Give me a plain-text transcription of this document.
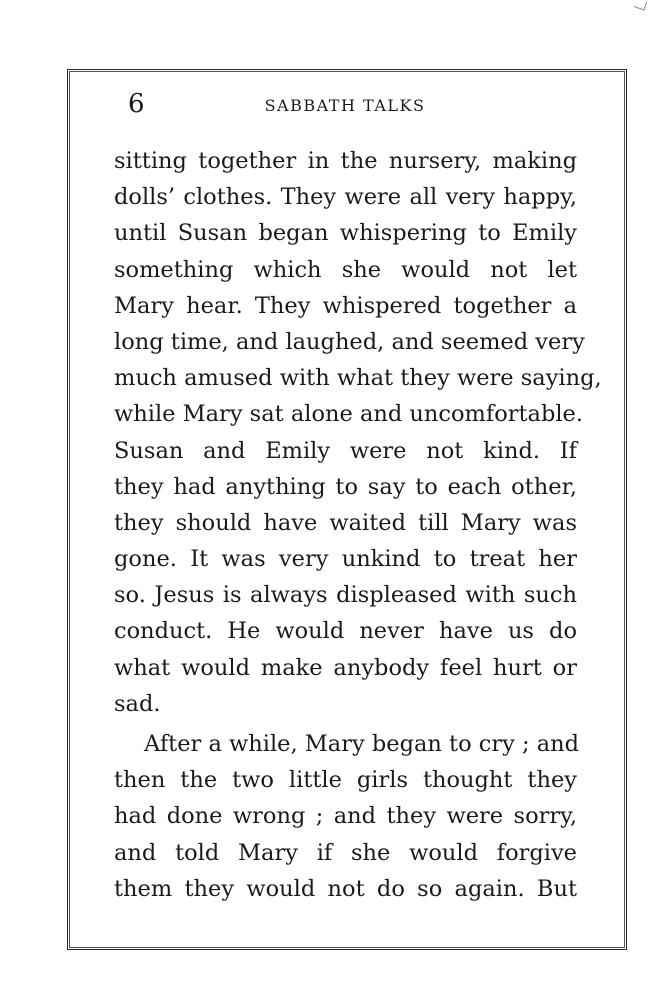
6	SABBATH TALKS
sitting together in the nursery, making
dolls’ clothes. They were all very happy,
until Susan began whispering to Emily
something which she would not let
Mary hear. They whispered together a
long time, and laughed, and seemed very
much amused with what they were saying,
while Mary sat alone and uncomfortable.
Susan and Emily were not kind. If
they had anything to say to each other,
they should have waited till Mary was
gone. It was very unkind to treat her
so. Jesus is always displeased with such
conduct. He would never have us do
what would make anybody feel hurt or
sad.
After a while, Mary began to cry ; and
then the two little girls thought they
had done wrong ; and they were sorry,
and told Mary if she would forgive
them they would not do so again. But
